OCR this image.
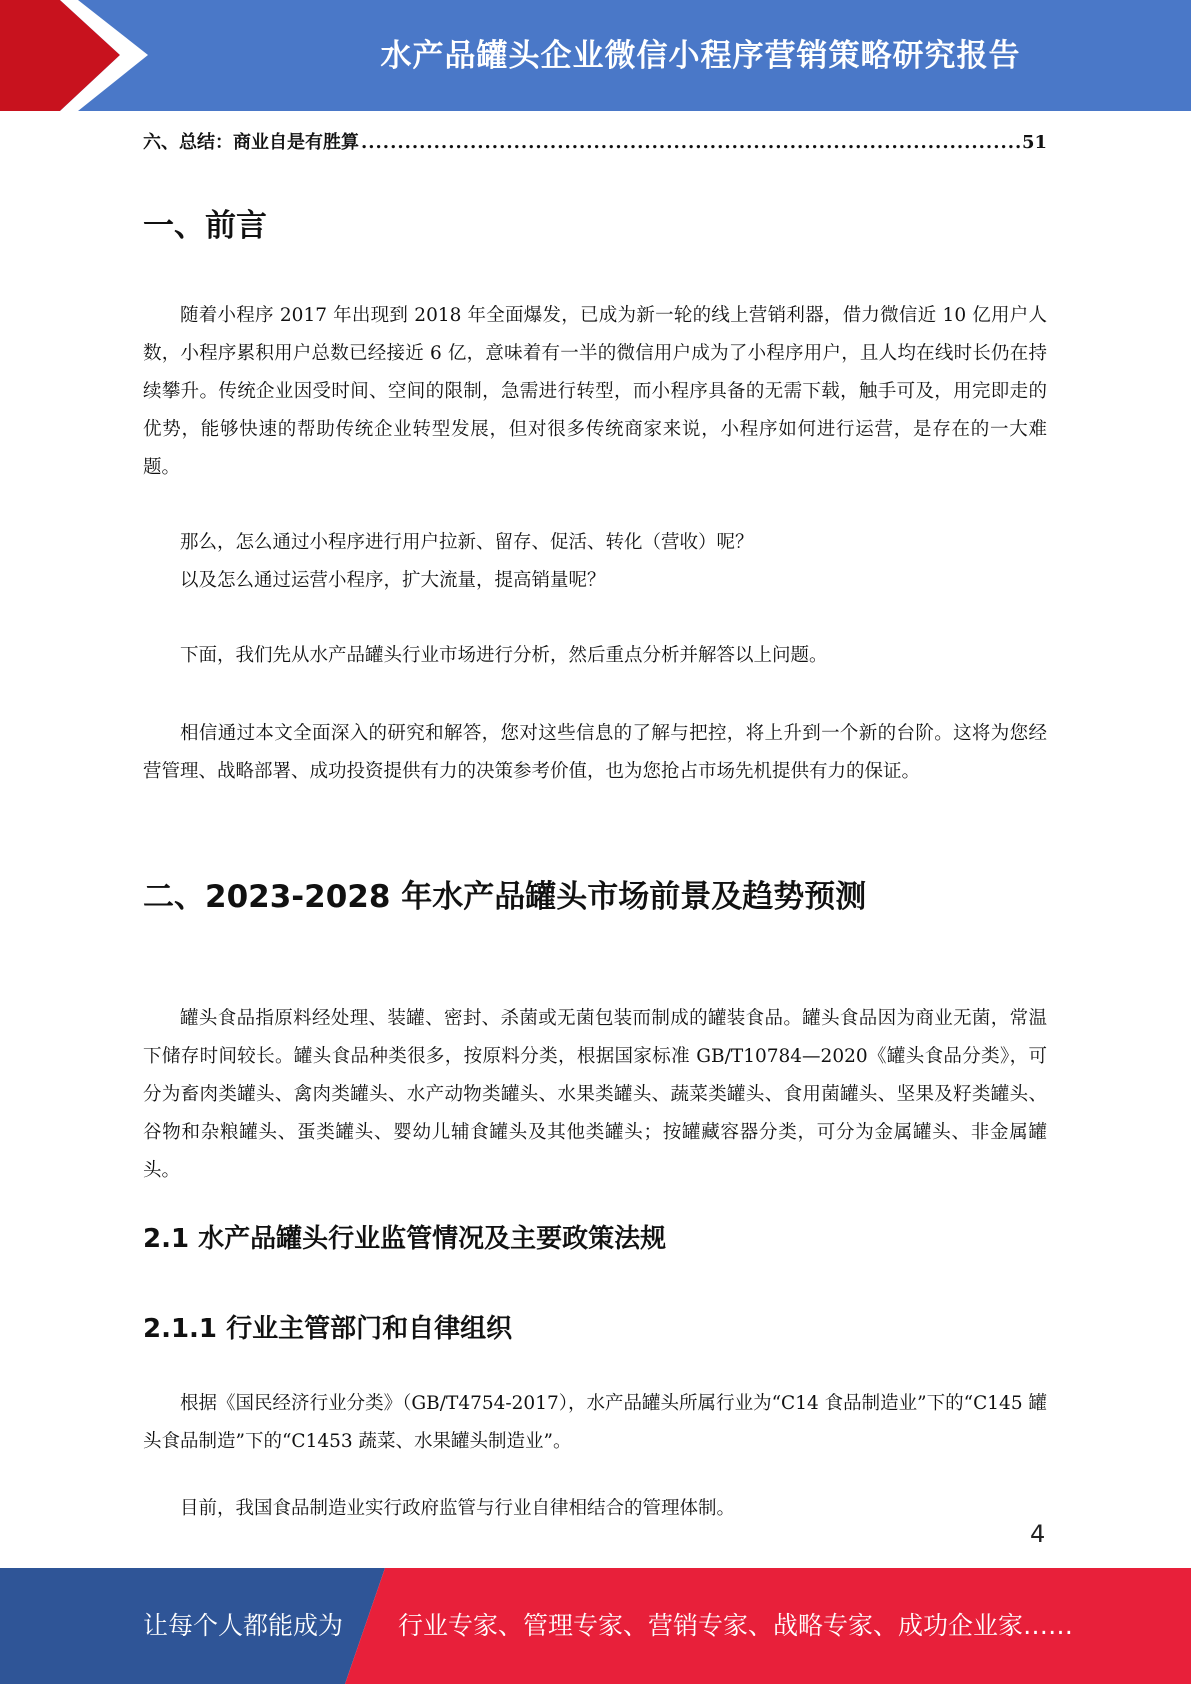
水产品罐头企业微信小程序营销策略研究报告
六、总结：商业自是有胜算
.....	51
一、前言

随着小程序 2017 年出现到 2018 年全面爆发，已成为新一轮的线上营销利器，借力微信近 10 亿用户人数，小程序累积用户总数已经接近 6 亿，意味着有一半的微信用户成为了小程序用户，且人均在线时长仍在持续攀升。传统企业因受时间、空间的限制，急需进行转型，而小程序具备的无需下载，触手可及，用完即走的优势，能够快速的帮助传统企业转型发展，但对很多传统商家来说，小程序如何进行运营，是存在的一大难题。

那么，怎么通过小程序进行用户拉新、留存、促活、转化（营收）呢？

以及怎么通过运营小程序，扩大流量，提高销量呢？

下面，我们先从水产品罐头行业市场进行分析，然后重点分析并解答以上问题。

相信通过本文全面深入的研究和解答，您对这些信息的了解与把控，将上升到一个新的台阶。这将为您经营管理、战略部署、成功投资提供有力的决策参考价值，也为您抢占市场先机提供有力的保证。

二、2023-2028 年水产品罐头市场前景及趋势预测

罐头食品指原料经处理、装罐、密封、杀菌或无菌包装而制成的罐装食品。罐头食品因为商业无菌，常温下储存时间较长。罐头食品种类很多，按原料分类，根据国家标准 GB/T10784—2020《罐头食品分类》，可分为畜肉类罐头、禽肉类罐头、水产动物类罐头、水果类罐头、蔬菜类罐头、食用菌罐头、坚果及籽类罐头、谷物和杂粮罐头、蛋类罐头、婴幼儿辅食罐头及其他类罐头；按罐藏容器分类，可分为金属罐头、非金属罐头。

2.1 水产品罐头行业监管情况及主要政策法规
2.1.1 行业主管部门和自律组织

根据《国民经济行业分类》（GB/T4754-2017），水产品罐头所属行业为“C14 食品制造业”下的“C145 罐头食品制造”下的“C1453 蔬菜、水果罐头制造业”。

目前，我国食品制造业实行政府监管与行业自律相结合的管理体制。

4
让每个人都能成为 行业专家、管理专家、营销专家、战略专家、成功企业家……
